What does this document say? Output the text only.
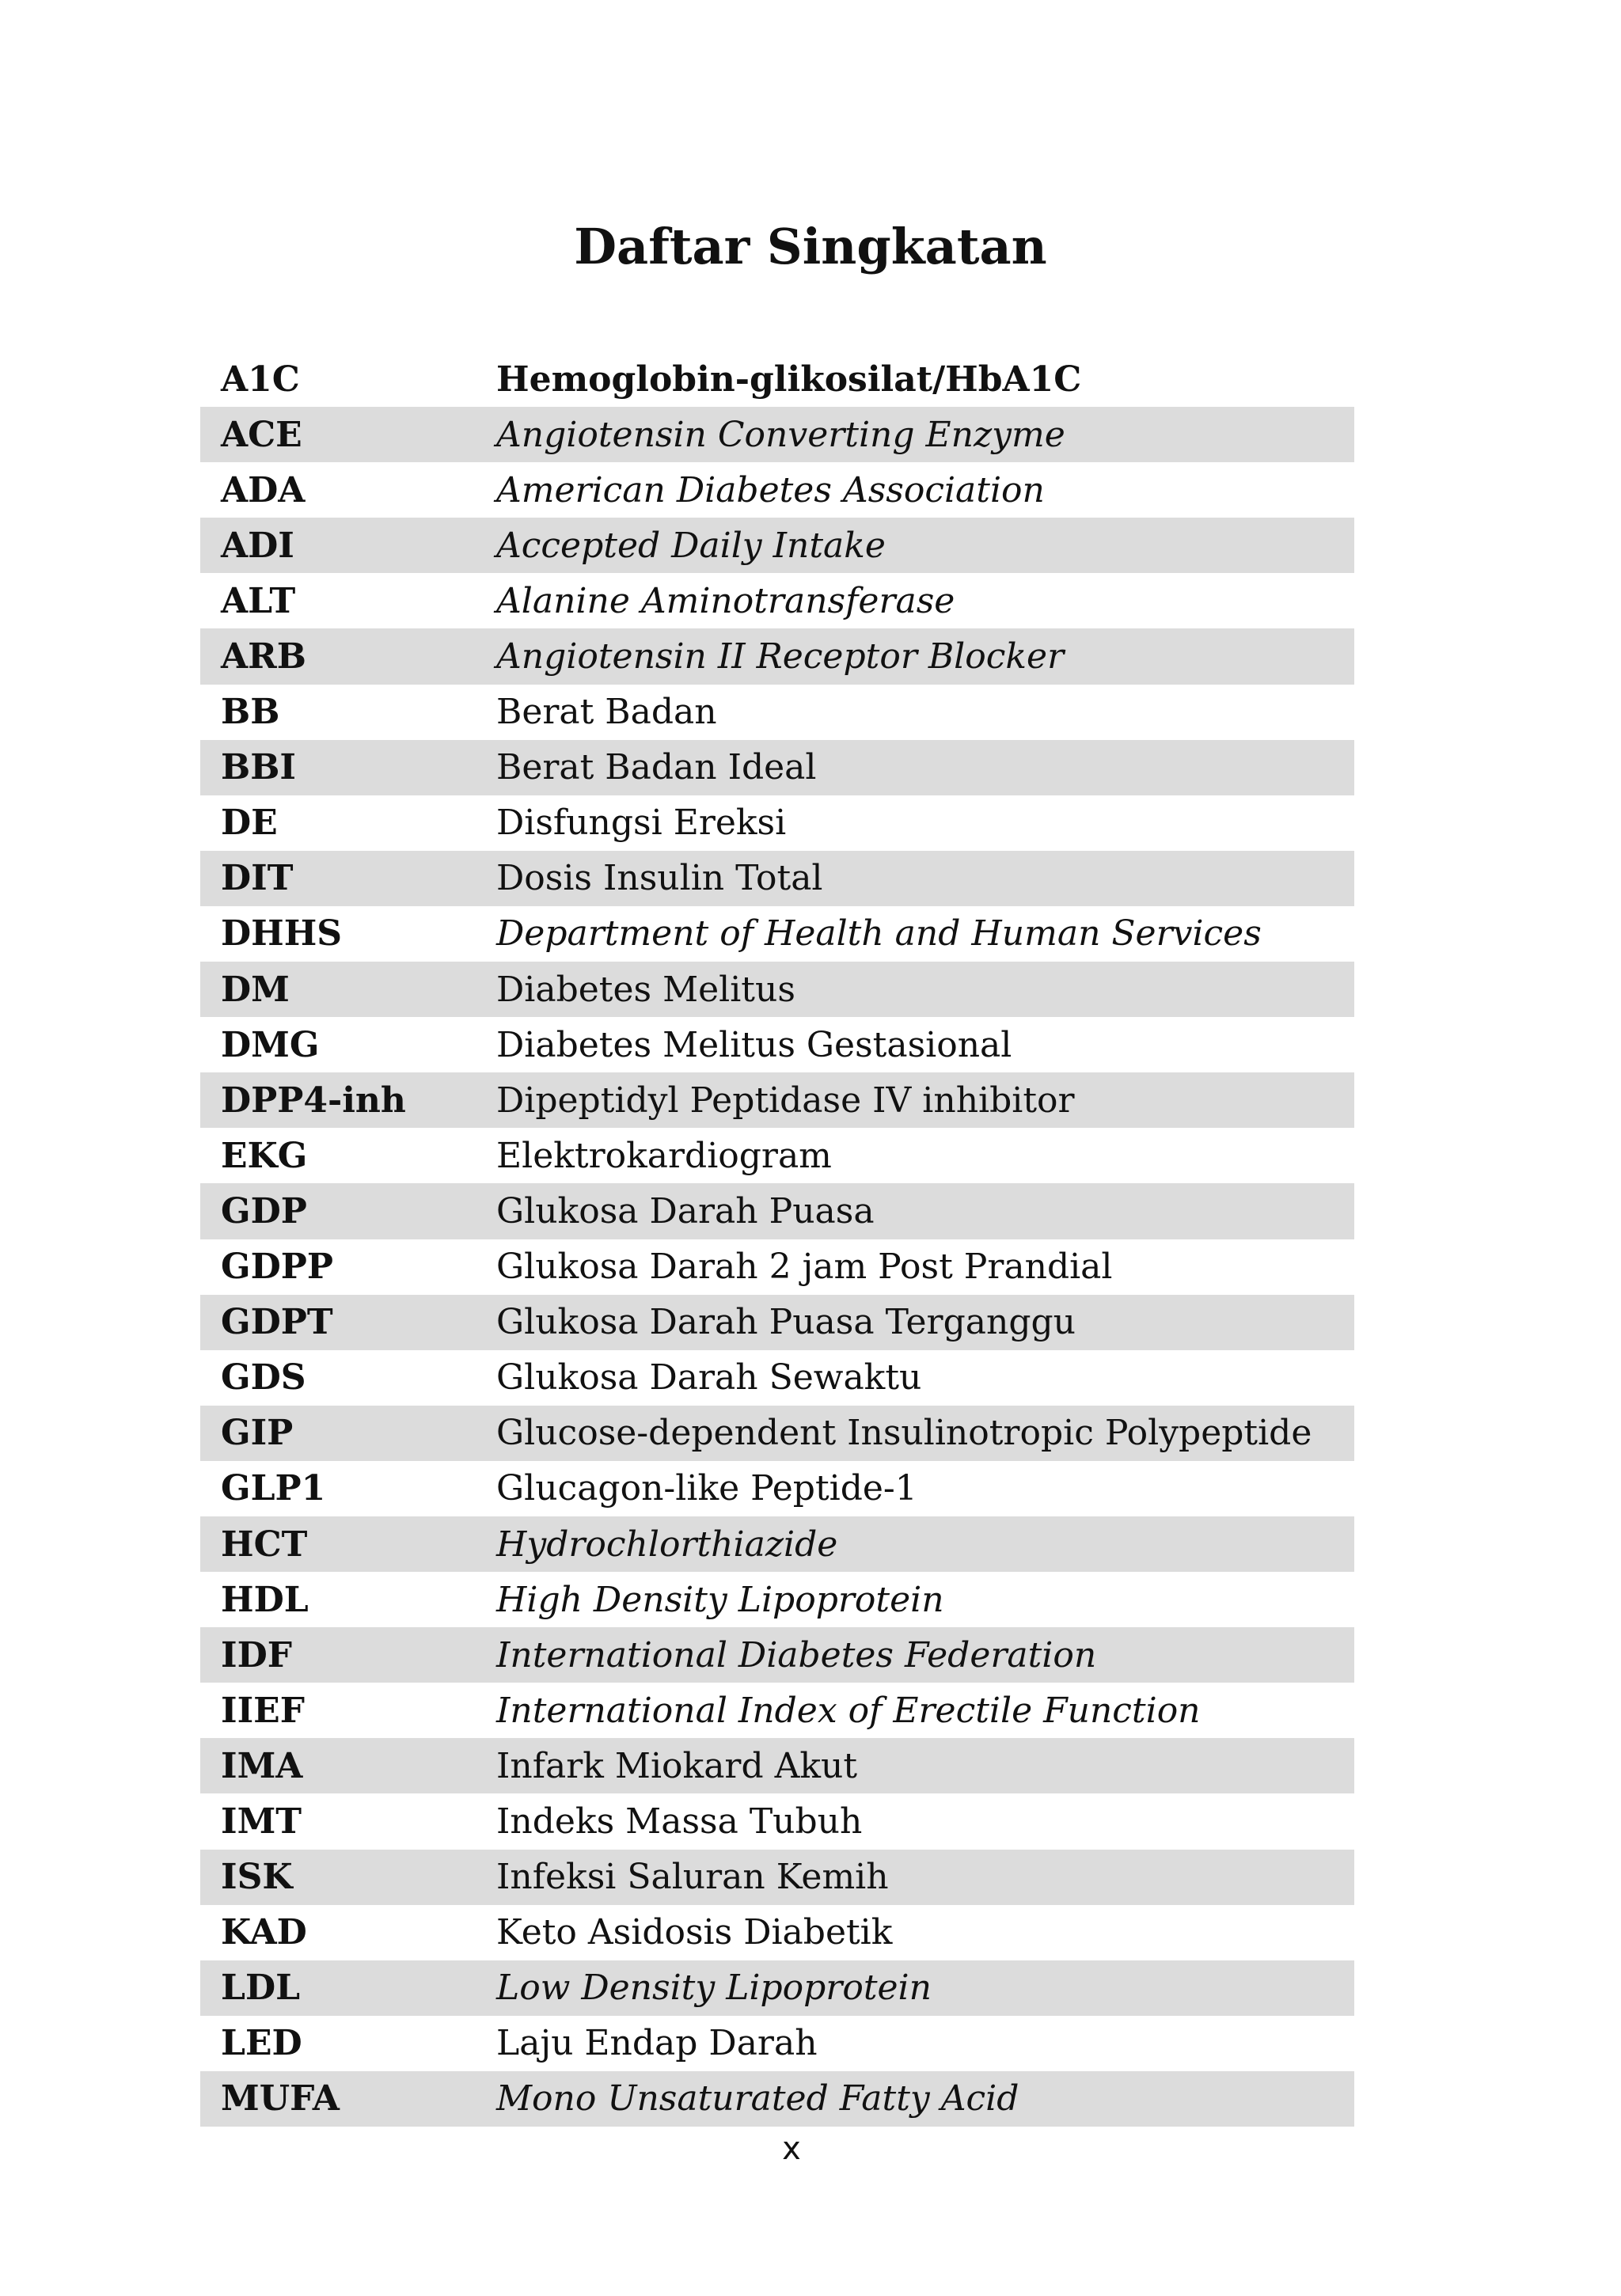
Daftar Singkatan
A1C	Hemoglobin-glikosilat/HbA1C
ACE	Angiotensin Converting Enzyme
ADA	American Diabetes Association
ADI	Accepted Daily Intake
ALT	Alanine Aminotransferase
ARB	Angiotensin II Receptor Blocker
BB	Berat Badan
BBI	Berat Badan Ideal
DE	Disfungsi Ereksi
DIT	Dosis Insulin Total
DHHS	Department of Health and Human Services
DM	Diabetes Melitus
DMG	Diabetes Melitus Gestasional
DPP4-inh	Dipeptidyl Peptidase IV inhibitor
EKG	Elektrokardiogram
GDP	Glukosa Darah Puasa
GDPP	Glukosa Darah 2 jam Post Prandial
GDPT	Glukosa Darah Puasa Terganggu
GDS	Glukosa Darah Sewaktu
GIP	Glucose-dependent Insulinotropic Polypeptide
GLP1	Glucagon-like Peptide-1
HCT	Hydrochlorthiazide
HDL	High Density Lipoprotein
IDF	International Diabetes Federation
IIEF	International Index of Erectile Function
IMA	Infark Miokard Akut
IMT	Indeks Massa Tubuh
ISK	Infeksi Saluran Kemih
KAD	Keto Asidosis Diabetik
LDL	Low Density Lipoprotein
LED	Laju Endap Darah
MUFA	Mono Unsaturated Fatty Acid
x
